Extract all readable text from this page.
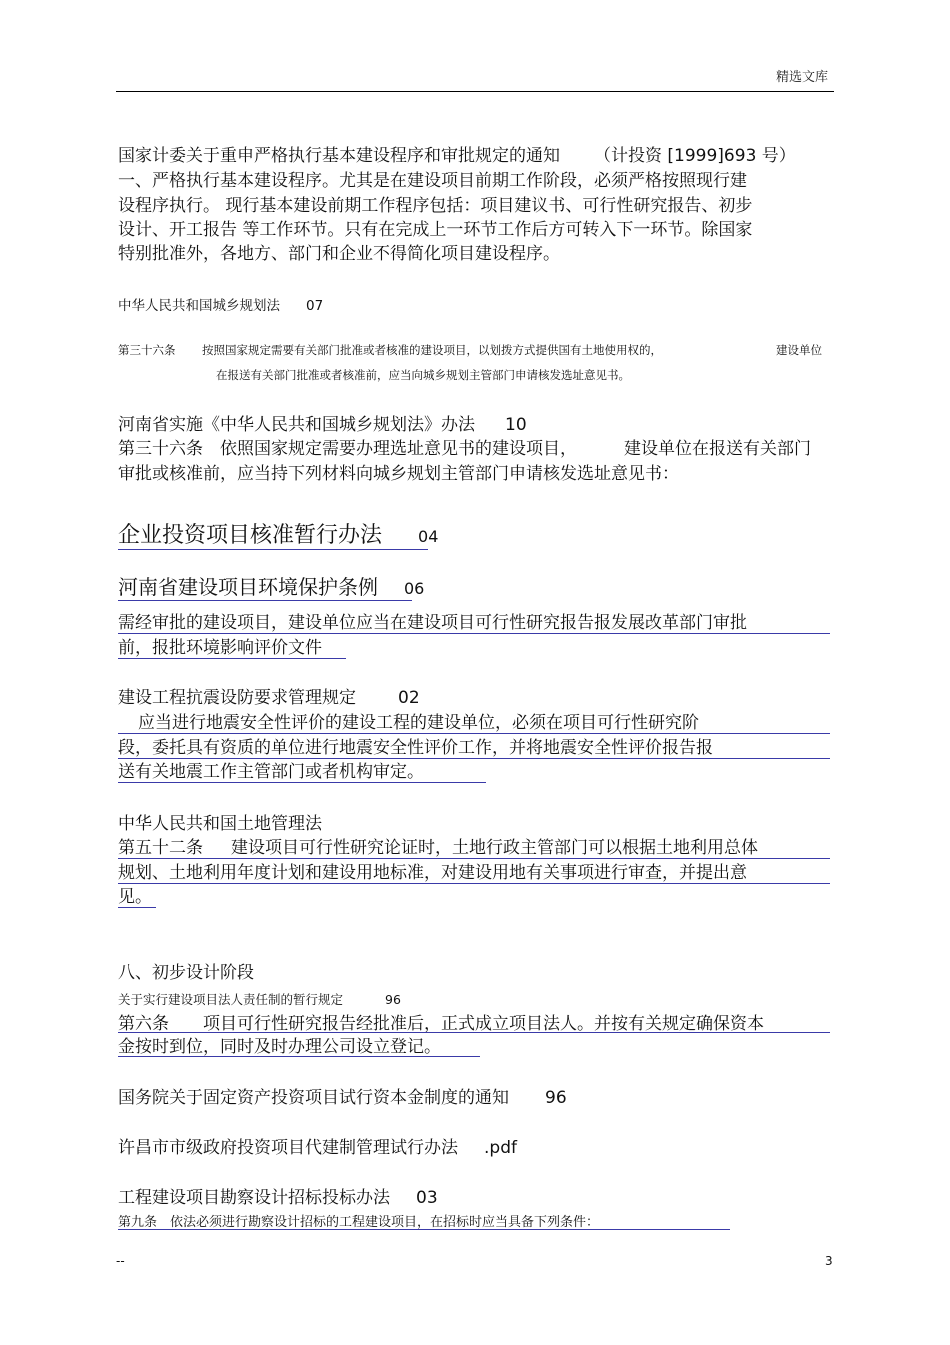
精选文库
国家计委关于重申严格执行基本建设程序和审批规定的通知 （计投资 [1999]693 号）
一、严格执行基本建设程序。尤其是在建设项目前期工作阶段，必须严格按照现行建
设程序执行。 现行基本建设前期工作程序包括：项目建议书、可行性研究报告、初步
设计、开工报告 等工作环节。只有在完成上一环节工作后方可转入下一环节。除国家
特别批准外，各地方、部门和企业不得简化项目建设程序。
中华人民共和国城乡规划法 07
第三十六条 按照国家规定需要有关部门批准或者核准的建设项目，以划拨方式提供国有土地使用权的，	建设单位
在报送有关部门批准或者核准前，应当向城乡规划主管部门申请核发选址意见书。
河南省实施《中华人民共和国城乡规划法》办法 10
第三十六条　依照国家规定需要办理选址意见书的建设项目，	建设单位在报送有关部门
审批或核准前，应当持下列材料向城乡规划主管部门申请核发选址意见书：
企业投资项目核准暂行办法 04
河南省建设项目环境保护条例 06
需经审批的建设项目，建设单位应当在建设项目可行性研究报告报发展改革部门审批
前，报批环境影响评价文件
建设工程抗震设防要求管理规定 02
应当进行地震安全性评价的建设工程的建设单位，必须在项目可行性研究阶
段，委托具有资质的单位进行地震安全性评价工作，并将地震安全性评价报告报
送有关地震工作主管部门或者机构审定。
中华人民共和国土地管理法
第五十二条 建设项目可行性研究论证时，土地行政主管部门可以根据土地利用总体
规划、土地利用年度计划和建设用地标准，对建设用地有关事项进行审查，并提出意
见。
八、初步设计阶段
关于实行建设项目法人责任制的暂行规定	96
第六条 项目可行性研究报告经批准后，正式成立项目法人。并按有关规定确保资本
金按时到位，同时及时办理公司设立登记。
国务院关于固定资产投资项目试行资本金制度的通知 96
许昌市市级政府投资项目代建制管理试行办法 .pdf
工程建设项目勘察设计招标投标办法 03
第九条　依法必须进行勘察设计招标的工程建设项目，在招标时应当具备下列条件：
--	3
